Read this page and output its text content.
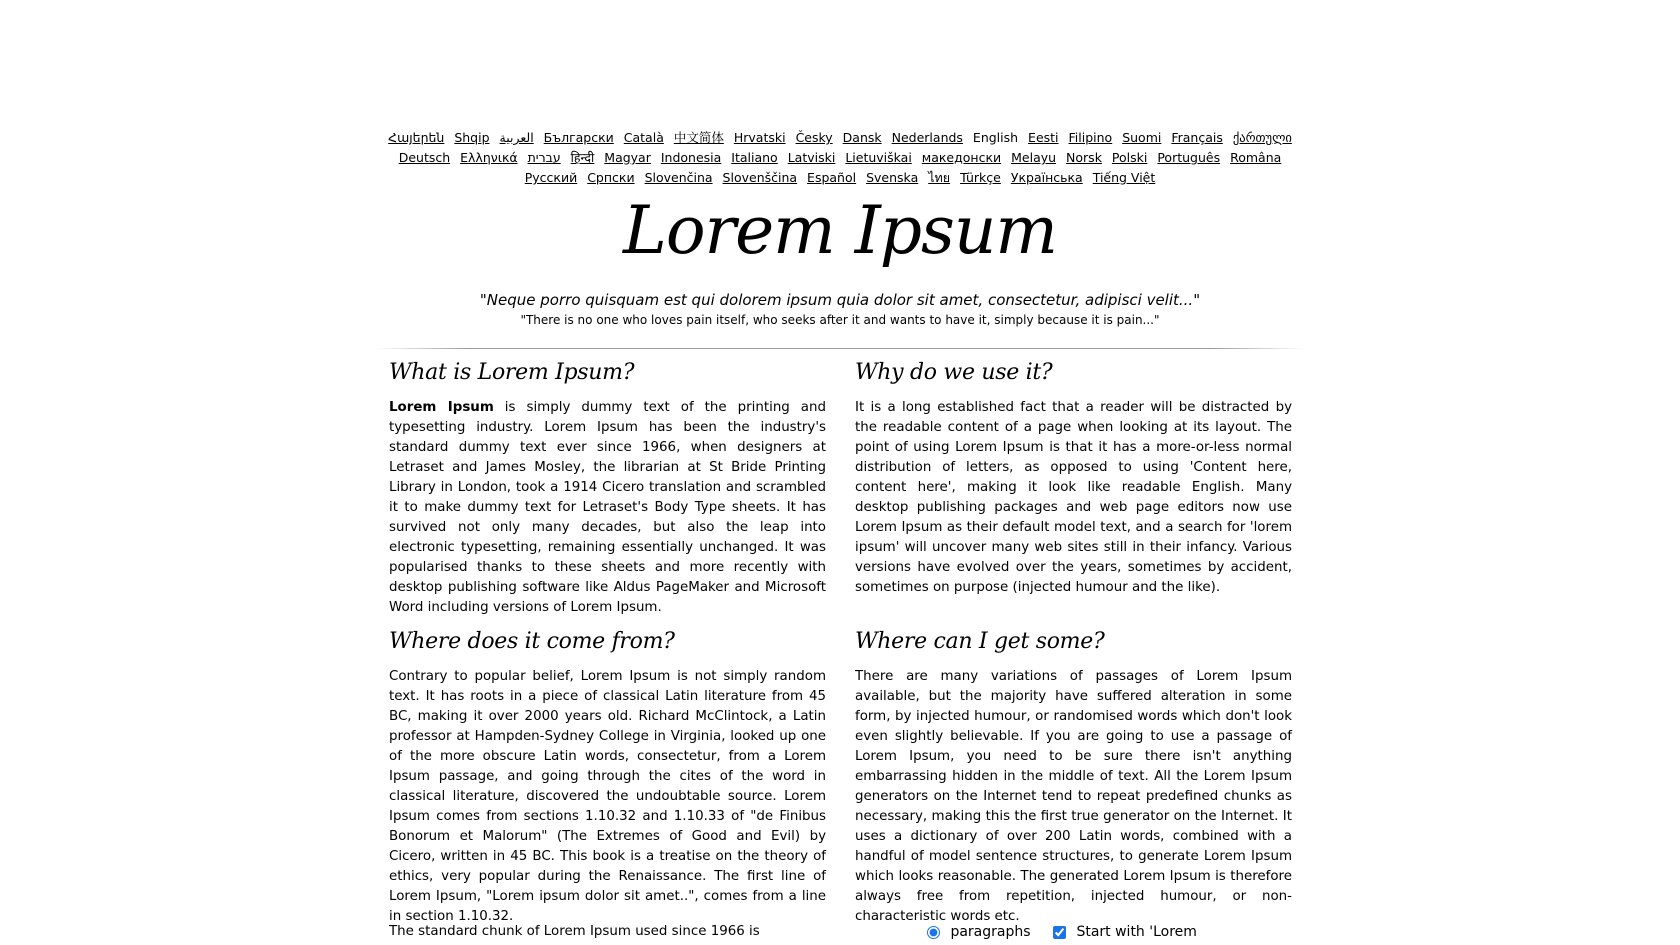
Հայերեն Shqip العربية Български Català 中文简体 Hrvatski Česky Dansk Nederlands English Eesti Filipino Suomi Français ქართული Deutsch Ελληνικά עברית हिन्दी Magyar Indonesia Italiano Latviski Lietuviškai македонски Melayu Norsk Polski Português Româna Pyccкий Српски Slovenčina Slovenščina Español Svenska ไทย Türkçe Українська Tiếng Việt
Lorem Ipsum
"Neque porro quisquam est qui dolorem ipsum quia dolor sit amet, consectetur, adipisci velit..."
"There is no one who loves pain itself, who seeks after it and wants to have it, simply because it is pain..."
What is Lorem Ipsum?

Lorem Ipsum is simply dummy text of the printing and typesetting industry. Lorem Ipsum has been the industry's standard dummy text ever since 1966, when designers at Letraset and James Mosley, the librarian at St Bride Printing Library in London, took a 1914 Cicero translation and scrambled it to make dummy text for Letraset's Body Type sheets. It has survived not only many decades, but also the leap into electronic typesetting, remaining essentially unchanged. It was popularised thanks to these sheets and more recently with desktop publishing software like Aldus PageMaker and Microsoft Word including versions of Lorem Ipsum.

Why do we use it?

It is a long established fact that a reader will be distracted by the readable content of a page when looking at its layout. The point of using Lorem Ipsum is that it has a more-or-less normal distribution of letters, as opposed to using 'Content here, content here', making it look like readable English. Many desktop publishing packages and web page editors now use Lorem Ipsum as their default model text, and a search for 'lorem ipsum' will uncover many web sites still in their infancy. Various versions have evolved over the years, sometimes by accident, sometimes on purpose (injected humour and the like).

Where does it come from?

Contrary to popular belief, Lorem Ipsum is not simply random text. It has roots in a piece of classical Latin literature from 45 BC, making it over 2000 years old. Richard McClintock, a Latin professor at Hampden-Sydney College in Virginia, looked up one of the more obscure Latin words, consectetur, from a Lorem Ipsum passage, and going through the cites of the word in classical literature, discovered the undoubtable source. Lorem Ipsum comes from sections 1.10.32 and 1.10.33 of "de Finibus Bonorum et Malorum" (The Extremes of Good and Evil) by Cicero, written in 45 BC. This book is a treatise on the theory of ethics, very popular during the Renaissance. The first line of Lorem Ipsum, "Lorem ipsum dolor sit amet..", comes from a line in section 1.10.32.

Where can I get some?

There are many variations of passages of Lorem Ipsum available, but the majority have suffered alteration in some form, by injected humour, or randomised words which don't look even slightly believable. If you are going to use a passage of Lorem Ipsum, you need to be sure there isn't anything embarrassing hidden in the middle of text. All the Lorem Ipsum generators on the Internet tend to repeat predefined chunks as necessary, making this the first true generator on the Internet. It uses a dictionary of over 200 Latin words, combined with a handful of model sentence structures, to generate Lorem Ipsum which looks reasonable. The generated Lorem Ipsum is therefore always free from repetition, injected humour, or non-characteristic words etc.

The standard chunk of Lorem Ipsum used since 1966 is	paragraphs	Start with 'Lorem
